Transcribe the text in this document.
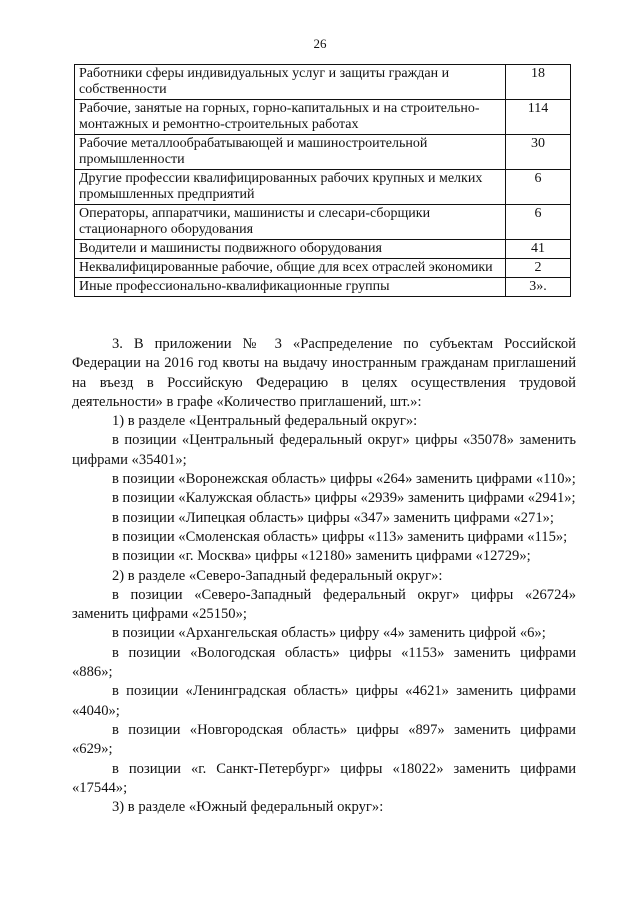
26
Работники сферы индивидуальных услуг и защиты граждан и собственности	18
Рабочие, занятые на горных, горно-капитальных и на строительно-монтажных и ремонтно-строительных работах	114
Рабочие металлообрабатывающей и машиностроительной промышленности	30
Другие профессии квалифицированных рабочих крупных и мелких промышленных предприятий	6
Операторы, аппаратчики, машинисты и слесари-сборщики стационарного оборудования	6
Водители и машинисты подвижного оборудования	41
Неквалифицированные рабочие, общие для всех отраслей экономики	2
Иные профессионально-квалификационные группы	3».

3. В приложении № 3 «Распределение по субъектам Российской Федерации на 2016 год квоты на выдачу иностранным гражданам приглашений на въезд в Российскую Федерацию в целях осуществления трудовой деятельности» в графе «Количество приглашений, шт.»:

1) в разделе «Центральный федеральный округ»:

в позиции «Центральный федеральный округ» цифры «35078» заменить цифрами «35401»;

в позиции «Воронежская область» цифры «264» заменить цифрами «110»;

в позиции «Калужская область» цифры «2939» заменить цифрами «2941»;

в позиции «Липецкая область» цифры «347» заменить цифрами «271»;

в позиции «Смоленская область» цифры «113» заменить цифрами «115»;

в позиции «г. Москва» цифры «12180» заменить цифрами «12729»;

2) в разделе «Северо-Западный федеральный округ»:

в позиции «Северо-Западный федеральный округ» цифры «26724» заменить цифрами «25150»;

в позиции «Архангельская область» цифру «4» заменить цифрой «6»;

в позиции «Вологодская область» цифры «1153» заменить цифрами «886»;

в позиции «Ленинградская область» цифры «4621» заменить цифрами «4040»;

в позиции «Новгородская область» цифры «897» заменить цифрами «629»;

в позиции «г. Санкт-Петербург» цифры «18022» заменить цифрами «17544»;

3) в разделе «Южный федеральный округ»:
